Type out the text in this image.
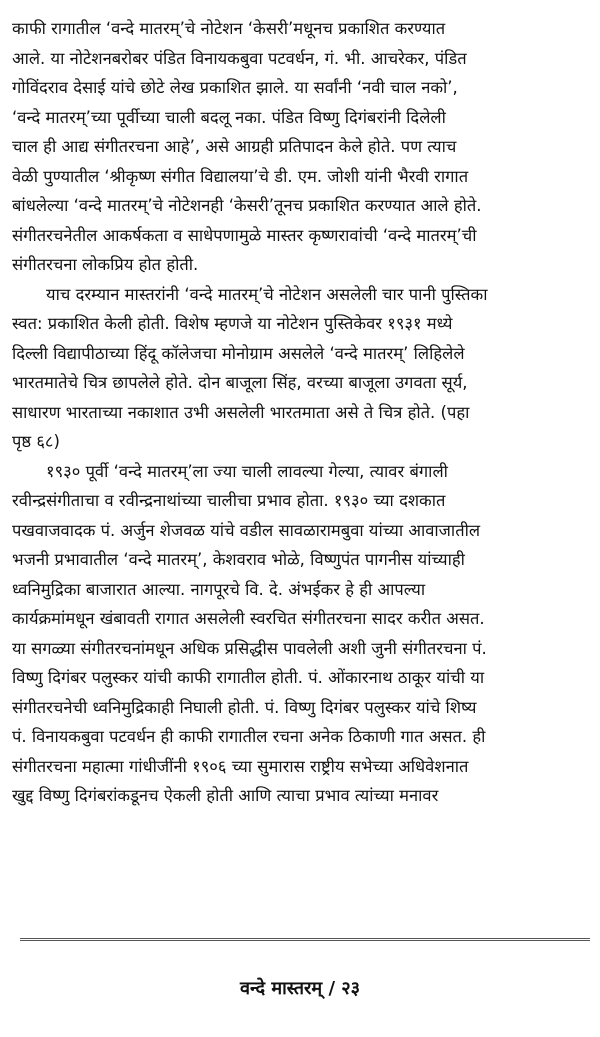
काफी रागातील ‘वन्दे मातरम्’चे नोटेशन ‘केसरी’मधूनच प्रकाशित करण्यात
आले. या नोटेशनबरोबर पंडित विनायकबुवा पटवर्धन, गं. भी. आचरेकर, पंडित
गोविंदराव देसाई यांचे छोटे लेख प्रकाशित झाले. या सर्वांनी ‘नवी चाल नको’,
‘वन्दे मातरम्’च्या पूर्वीच्या चाली बदलू नका. पंडित विष्णु दिगंबरांनी दिलेली
चाल ही आद्य संगीतरचना आहे’, असे आग्रही प्रतिपादन केले होते. पण त्याच
वेळी पुण्यातील ‘श्रीकृष्ण संगीत विद्यालया’चे डी. एम. जोशी यांनी भैरवी रागात
बांधलेल्या ‘वन्दे मातरम्’चे नोटेशनही ‘केसरी’तूनच प्रकाशित करण्यात आले होते.
संगीतरचनेतील आकर्षकता व साधेपणामुळे मास्तर कृष्णरावांची ‘वन्दे मातरम्’ची
संगीतरचना लोकप्रिय होत होती.
याच दरम्यान मास्तरांनी ‘वन्दे मातरम्’चे नोटेशन असलेली चार पानी पुस्तिका
स्वत: प्रकाशित केली होती. विशेष म्हणजे या नोटेशन पुस्तिकेवर १९३१ मध्ये
दिल्ली विद्यापीठाच्या हिंदू कॉलेजचा मोनोग्राम असलेले ‘वन्दे मातरम्’ लिहिलेले
भारतमातेचे चित्र छापलेले होते. दोन बाजूला सिंह, वरच्या बाजूला उगवता सूर्य,
साधारण भारताच्या नकाशात उभी असलेली भारतमाता असे ते चित्र होते. (पहा
पृष्ठ ६८)
१९३० पूर्वी ‘वन्दे मातरम्’ला ज्या चाली लावल्या गेल्या, त्यावर बंगाली
रवीन्द्रसंगीताचा व रवीन्द्रनाथांच्या चालीचा प्रभाव होता. १९३० च्या दशकात
पखवाजवादक पं. अर्जुन शेजवळ यांचे वडील सावळारामबुवा यांच्या आवाजातील
भजनी प्रभावातील ‘वन्दे मातरम्’, केशवराव भोळे, विष्णुपंत पागनीस यांच्याही
ध्वनिमुद्रिका बाजारात आल्या. नागपूरचे वि. दे. अंभईकर हे ही आपल्या
कार्यक्रमांमधून खंबावती रागात असलेली स्वरचित संगीतरचना सादर करीत असत.
या सगळ्या संगीतरचनांमधून अधिक प्रसिद्धीस पावलेली अशी जुनी संगीतरचना पं.
विष्णु दिगंबर पलुस्कर यांची काफी रागातील होती. पं. ओंकारनाथ ठाकूर यांची या
संगीतरचनेची ध्वनिमुद्रिकाही निघाली होती. पं. विष्णु दिगंबर पलुस्कर यांचे शिष्य
पं. विनायकबुवा पटवर्धन ही काफी रागातील रचना अनेक ठिकाणी गात असत. ही
संगीतरचना महात्मा गांधीजींनी १९०६ च्या सुमारास राष्ट्रीय सभेच्या अधिवेशनात
खुद्द विष्णु दिगंबरांकडूनच ऐकली होती आणि त्याचा प्रभाव त्यांच्या मनावर
वन्दे मास्तरम् / २३
